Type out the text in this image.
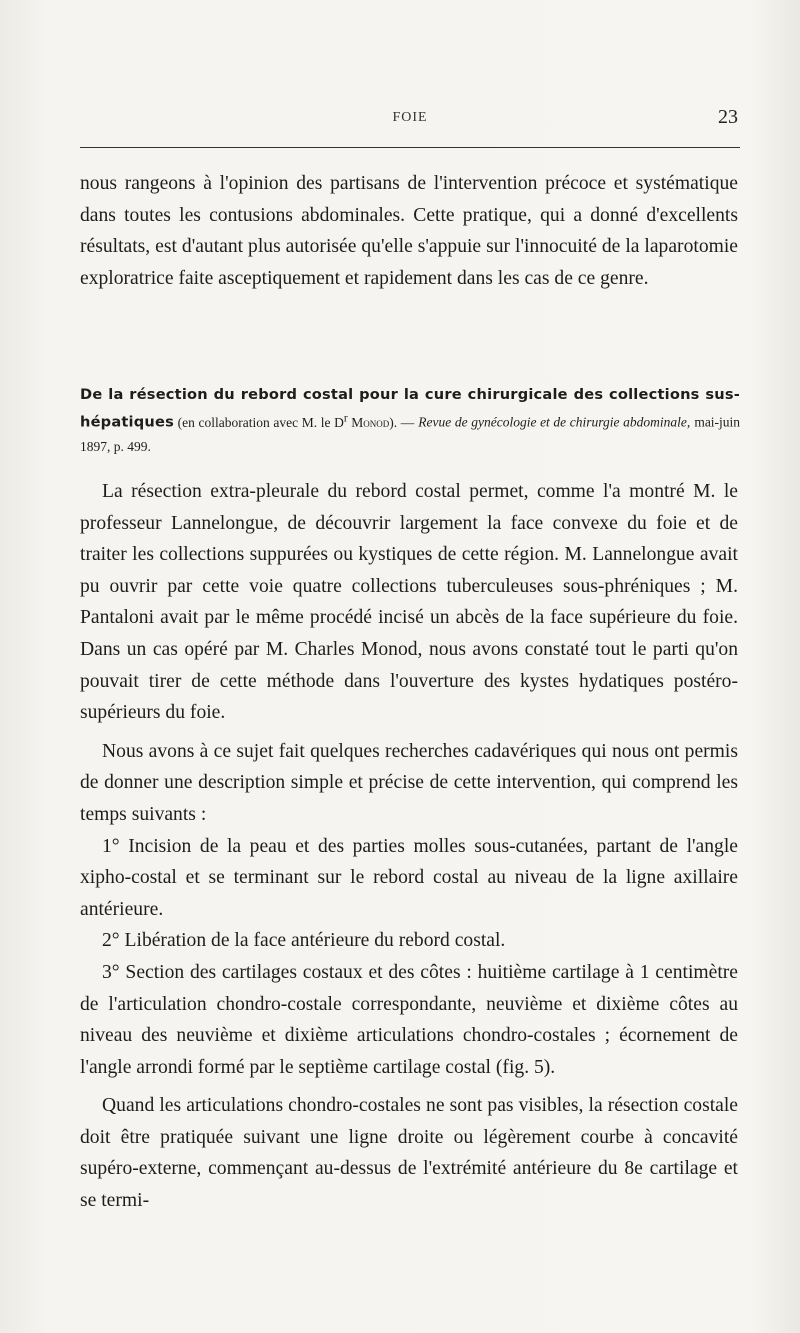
FOIE	23

nous rangeons à l'opinion des partisans de l'intervention précoce et systématique dans toutes les contusions abdominales. Cette pratique, qui a donné d'excellents résultats, est d'autant plus autorisée qu'elle s'appuie sur l'innocuité de la laparotomie exploratrice faite asceptiquement et rapidement dans les cas de ce genre.

De la résection du rebord costal pour la cure chirurgicale des collections sus-hépatiques (en collaboration avec M. le $D^r$ Monod). — Revue de gynécologie et de chirurgie abdominale, mai-juin 1897, p. 499.

La résection extra-pleurale du rebord costal permet, comme l'a montré M. le professeur Lannelongue, de découvrir largement la face convexe du foie et de traiter les collections suppurées ou kystiques de cette région. M. Lannelongue avait pu ouvrir par cette voie quatre collections tuberculeuses sous-phréniques ; M. Pantaloni avait par le même procédé incisé un abcès de la face supérieure du foie. Dans un cas opéré par M. Charles Monod, nous avons constaté tout le parti qu'on pouvait tirer de cette méthode dans l'ouverture des kystes hydatiques postéro-supérieurs du foie.

Nous avons à ce sujet fait quelques recherches cadavériques qui nous ont permis de donner une description simple et précise de cette intervention, qui comprend les temps suivants :

1° Incision de la peau et des parties molles sous-cutanées, partant de l'angle xipho-costal et se terminant sur le rebord costal au niveau de la ligne axillaire antérieure.

2° Libération de la face antérieure du rebord costal.

3° Section des cartilages costaux et des côtes : huitième cartilage à 1 centimètre de l'articulation chondro-costale correspondante, neuvième et dixième côtes au niveau des neuvième et dixième articulations chondro-costales ; écornement de l'angle arrondi formé par le septième cartilage costal (fig. 5).

Quand les articulations chondro-costales ne sont pas visibles, la résection costale doit être pratiquée suivant une ligne droite ou légèrement courbe à concavité supéro-externe, commençant au-dessus de l'extrémité antérieure du 8e cartilage et se termi-
